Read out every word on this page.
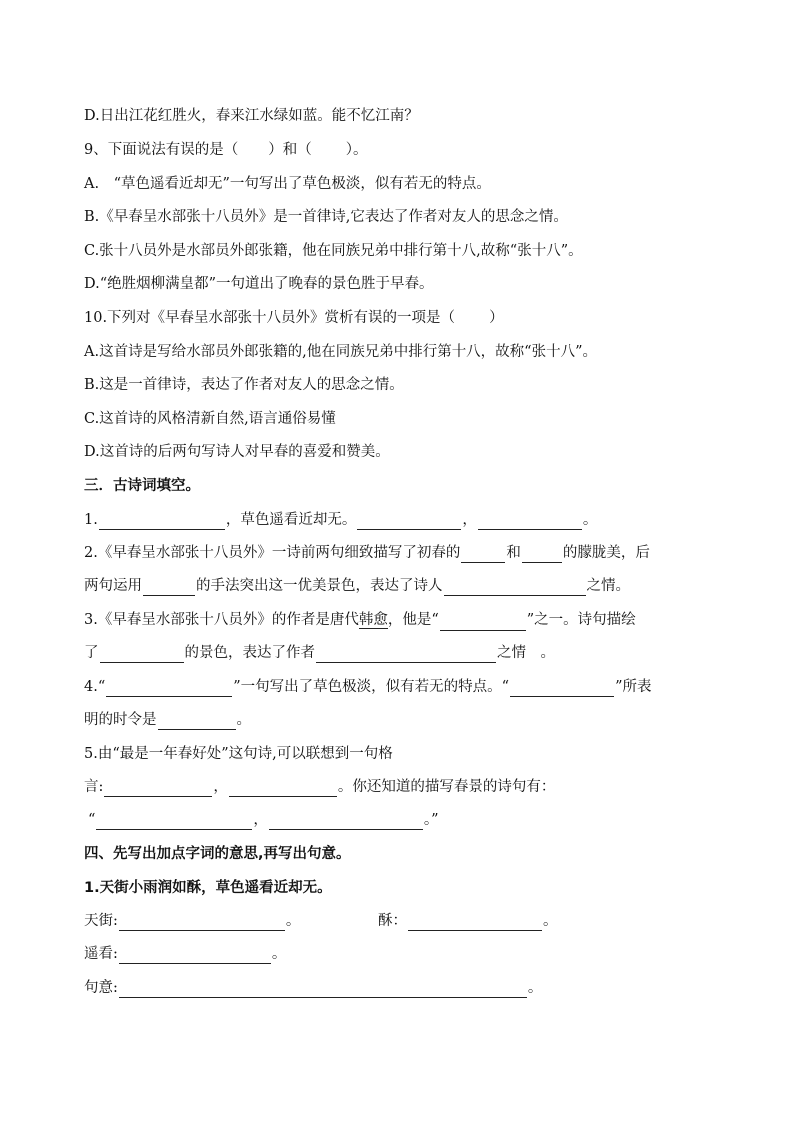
D.日出江花红胜火，春来江水绿如蓝。能不忆江南？
9、下面说法有误的是（ ）和（ ）。
A.　“草色遥看近却无”一句写出了草色极淡，似有若无的特点。
B.《早春呈水部张十八员外》是一首律诗,它表达了作者对友人的思念之情。
C.张十八员外是水部员外郎张籍，他在同族兄弟中排行第十八,故称“张十八”。
D.“绝胜烟柳满皇都”一句道出了晚春的景色胜于早春。
10.下列对《早春呈水部张十八员外》赏析有误的一项是（ ）
A.这首诗是写给水部员外郎张籍的,他在同族兄弟中排行第十八，故称“张十八”。
B.这是一首律诗，表达了作者对友人的思念之情。
C.这首诗的风格清新自然,语言通俗易懂
D.这首诗的后两句写诗人对早春的喜爱和赞美。
三．古诗词填空。
1.	，草色遥看近却无。	，	。
2.《早春呈水部张十八员外》一诗前两句细致描写了初春的	和	的朦胧美，后
两句运用	的手法突出这一优美景色，表达了诗人	之情。
3.《早春呈水部张十八员外》的作者是唐代韩愈，他是“	”之一。诗句描绘
了	的景色，表达了作者	之情　。
4.“	”一句写出了草色极淡，似有若无的特点。“	”所表
明的时令是	。
5.由“最是一年春好处”这句诗,可以联想到一句格
言:	，	。你还知道的描写春景的诗句有：
“	，	。”
四、先写出加点字词的意思,再写出句意。
1.天街小雨润如酥，草色遥看近却无。
天街:	。	酥：	。
遥看:	。
句意:	。
